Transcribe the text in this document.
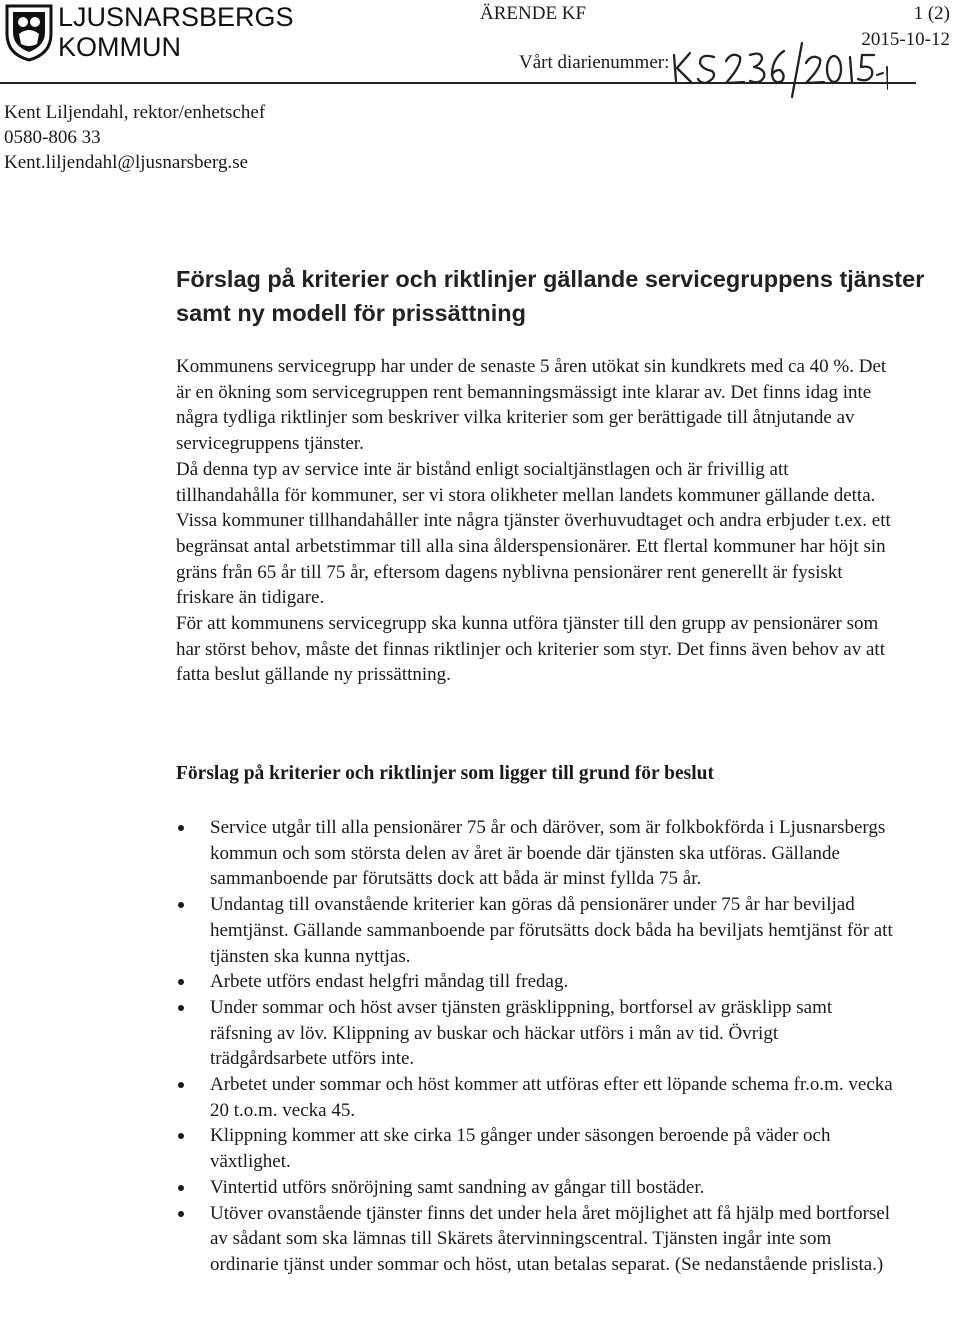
LJUSNARSBERGS
KOMMUN
ÄRENDE KF	1 (2)
2015-10-12
Vårt diarienummer:
Kent Liljendahl, rektor/enhetschef
0580-806 33
Kent.liljendahl@ljusnarsberg.se
Förslag på kriterier och riktlinjer gällande servicegruppens tjänster samt ny modell för prissättning

Kommunens servicegrupp har under de senaste 5 åren utökat sin kundkrets med ca 40 %. Det är en ökning som servicegruppen rent bemanningsmässigt inte klarar av. Det finns idag inte några tydliga riktlinjer som beskriver vilka kriterier som ger berättigade till åtnjutande av servicegruppens tjänster.

Då denna typ av service inte är bistånd enligt socialtjänstlagen och är frivillig att tillhandahålla för kommuner, ser vi stora olikheter mellan landets kommuner gällande detta. Vissa kommuner tillhandahåller inte några tjänster överhuvudtaget och andra erbjuder t.ex. ett begränsat antal arbetstimmar till alla sina ålderspensionärer. Ett flertal kommuner har höjt sin gräns från 65 år till 75 år, eftersom dagens nyblivna pensionärer rent generellt är fysiskt friskare än tidigare.

För att kommunens servicegrupp ska kunna utföra tjänster till den grupp av pensionärer som har störst behov, måste det finnas riktlinjer och kriterier som styr. Det finns även behov av att fatta beslut gällande ny prissättning.

Förslag på kriterier och riktlinjer som ligger till grund för beslut
Service utgår till alla pensionärer 75 år och däröver, som är folkbokförda i Ljusnarsbergs kommun och som största delen av året är boende där tjänsten ska utföras. Gällande sammanboende par förutsätts dock att båda är minst fyllda 75 år.
Undantag till ovanstående kriterier kan göras då pensionärer under 75 år har beviljad hemtjänst. Gällande sammanboende par förutsätts dock båda ha beviljats hemtjänst för att tjänsten ska kunna nyttjas.
Arbete utförs endast helgfri måndag till fredag.
Under sommar och höst avser tjänsten gräsklippning, bortforsel av gräsklipp samt räfsning av löv. Klippning av buskar och häckar utförs i mån av tid. Övrigt trädgårdsarbete utförs inte.
Arbetet under sommar och höst kommer att utföras efter ett löpande schema fr.o.m. vecka 20 t.o.m. vecka 45.
Klippning kommer att ske cirka 15 gånger under säsongen beroende på väder och växtlighet.
Vintertid utförs snöröjning samt sandning av gångar till bostäder.
Utöver ovanstående tjänster finns det under hela året möjlighet att få hjälp med bortforsel av sådant som ska lämnas till Skärets återvinningscentral. Tjänsten ingår inte som ordinarie tjänst under sommar och höst, utan betalas separat. (Se nedanstående prislista.)
